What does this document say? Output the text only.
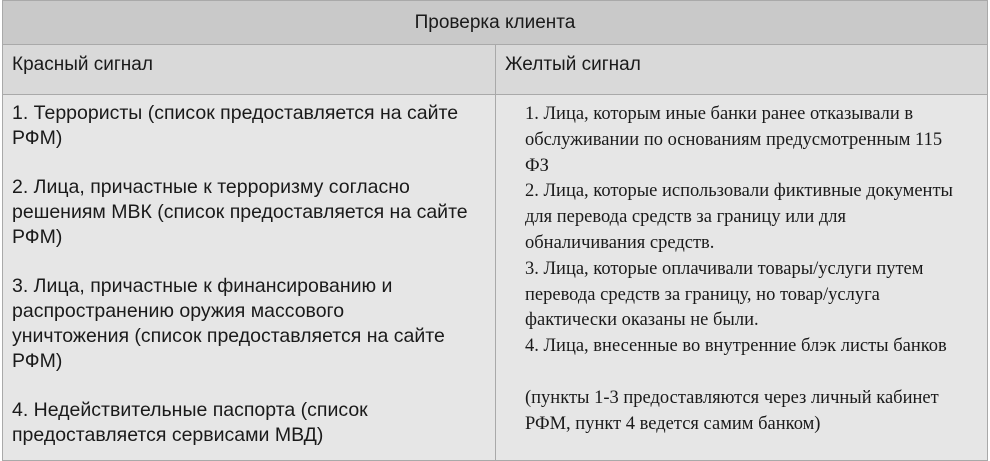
Проверка клиента
Красный сигнал	Желтый сигнал
1. Террористы (список предоставляется на сайте РФМ)
2. Лица, причастные к терроризму согласно решениям МВК (список предоставляется на сайте РФМ)
3. Лица, причастные к финансированию и распространению оружия массового уничтожения (список предоставляется на сайте РФМ)
4. Недействительные паспорта (список предоставляется сервисами МВД)
1. Лица, которым иные банки ранее отказывали в обслуживании по основаниям предусмотренным 115 ФЗ
2. Лица, которые использовали фиктивные документы для перевода средств за границу или для обналичивания средств.
3. Лица, которые оплачивали товары/услуги путем перевода средств за границу, но товар/услуга фактически оказаны не были.
4. Лица, внесенные во внутренние блэк листы банков
(пункты 1-3 предоставляются через личный кабинет РФМ, пункт 4 ведется самим банком)
